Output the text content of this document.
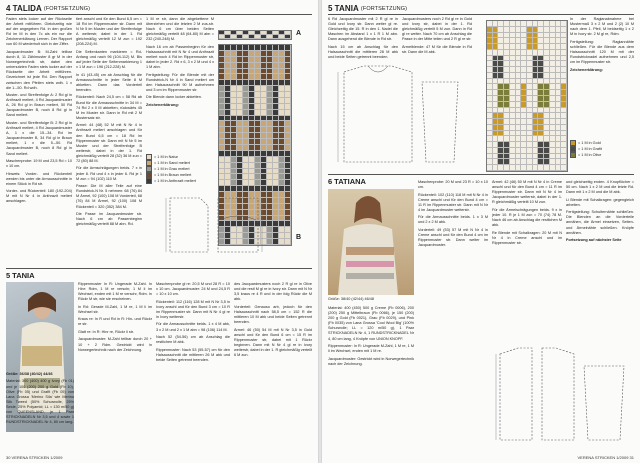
4 TALIDA (FORTSETZUNG)

Faden stets locker auf der Rückseite der Arbeit mitführen. Gleichzeitig wie auf der angegeben Rd. in den großen Rd im M in den 7c als ein nur die Zeichenerklärung Lernen. Der Rapport von 60 M wiederholt sich in der Ziffer.

Jacquardmuster B: M-Zahl teilbar durch 8, 11 Zählmuster 8 gr M in der Norwegertechnik str, dabei den unbenutzten Faden stets locker auf der Rückseite der Arbeit mitführen. Gezeichnet ist jede Rd. Den Rapport zwischen den Pfeilen stets wdh. 1 x die 1.–50. Rd wdh.

Muster- und Streifenfolge A: 2 Rd gl in Anthrazit meliert, 4 Rd Jacquardmuster A, 26 Rd gl in Braun meliert, 50 Rd Jacquardmuster B, noch 8 Rd gl in Sand meliert.

Muster- und Streifenfolge B: 2 Rd gl in Anthrazit meliert, 4 Rd Jacquardmuster A, 1 x die 15.–34. Rd im Jacquardmuster B, 34 Rd gl in Braun meliert, 1 x die 5.–50. Rd Jacquardmuster B, noch 8 Rd gl in Sand meliert.

Maschenprobe: 19 M und 23,5 Rd = 10 x 10 cm.

Hinweis: Vorder- und Rückenteil werden bis unter die Armausschnitte in einem Stück in Rd str.

Vorder- und Rückenteil: 180 (192-204) M mit N Nr 4 in Anthrazit meliert anschlagen.

tiert anschl und für den Bund 6,5 cm = 18 Rd im Rippenmuster str. Dann mit N Nr 5 im Muster und der Streifenfolge A weiterstr, dabei in der 1. Rd gleichmäßig verteilt 12 M zun = 192 (208-224) M.

Die Seitenkanten markieren = Rd-Anfang und nach 96 (104-112) M. Bis auf jeder Seite der Seitenmarkierung 1 x 1 M zun = 196 (212-228) M.

In 41 (43-45) cm ab Anschlag für die Armausschnitte in jeder Seite 8 M abketten. Dann das Vorderteil beenden.

Rückenteil: Nach 24,5 cm = 58 Rd ab Bund für die Armausschnitte in 34 M = 74 Rd 2 x 0 M abketten, rückwärts 45 M im Muster str. Dann in Rd mit 2 M Mustersatz str.

Ärmel: 44 (48) 52 M mit N Nr 4 in Anthrazit meliert anschlagen und für den Bund 6,5 cm = 18 Rd im Rippenmuster str. Dann mit N Nr 5 im Muster und der Streifenfolge B weiterstr, dabei in der 1. Rd gleichmäßig verteilt 28 (32) 36 M zun = 72 (80) 88 M.

Für die Armschrägungen beids. 7 x in jeder 8. Rd und 4 x in jeder 6. Rd je 1 M zun = 94 (102) 110 M.

Passe: Die M aller Teile auf eine Rundstrick-N Nr. 5 nehmen: 68 (76) 84 M Ärmel, 92 (100) 108 M Vorderteil, 68 (76) 84 M Ärmel, 92 (100) 108 M Rückenteil = 320 (352) 384 M.

Die Passe im Jacquardmuster str. Nach 6 cm ab Passenbeginn gleichmäßig verteilt 88 M abn. Rd.

1 M re str, dann die abgekettene M überziehen und die letzten 2 M zus-str. Nach 6 cm über beiden Seiten gleichmäßig verteilt 48 (64-80) M abn = 232 (240-248) M.

Nach 16 cm ab Passenbeginn für den Halsausschnitt mit N Nr 4 und Anthrazit meliert noch 4 Rd im Rippenmuster str, dabei in jeder 2. Rd x 6, 3 x 2 M und 4 x 1 M abn.

Fertigstellung: Für die Blende mit der Rundstrick-N Nr 4 in Sand meliert um den Halsausschnitt 90 M aufnehmen und 3 cm im Rippenmuster str.

Die Blende dann locker abketten.

Zeichenerklärung:

= 1 M in Natur
= 1 M in Sand meliert
= 1 M in Grau meliert
= 1 M in Braun meliert
= 1 M in Anthrazit meliert
A
B
5 TANIA

Größe: 36/38 (40/42) 44/46

Material: 300 (400) 400 g Ivory (Fb 01) und je 100 (200) 200 g Gold (Fb 10), Olive (Fb 05) und Grafit (Fb 05) von Lana Grossa 'Merino Sila' wie Merino Silk Tweed (50% Schurwolle, 25% Seide, 25% Polyamid; LL = 130 m/50 g) von QUEENSLAND, je 1 Paar STRICKNADELN Nr 3,5 und 4 sowie 1 RUNDSTRICKNADEL Nr 4, 80 cm lang.

Rippenmuster In R: Ungerade M-Zahl. In Hinr: Rdm, 1 M re verschr, 1 M li im Wechsel, enden mit 1 M re verschr, Rdm. In Rückr M str, wie sie erscheinen.

In Rd: Gerade M-Zahl, 1 M re, 1 M li im Wechsel str.

Kraus re: In R und Rd in R: Hin- und Rückr re str.

Glatt re: In R: Hinr re, Rückr li str.

Jacquardmuster: M-Zahl teilbar durch 20 + 10 + 2 Rdm. Gestrickt wird in Norwegertechnik nach der Zeichnung.

Maschenprobe gl re: 20,5 M und 28 R = 10 x 10 cm. Jacquardmuster: 24 M und 24,5 R = 10 x 10 cm.

Rückenteil: 112 (116) 128 M mit N Nr 3,5 in Ivory anschl und für den Bund 3 cm = 10 R im Rippenmuster str. Dann mit N Nr 4 gl re in Ivory weiterstr.

Für die Armausschnitte beids. 1 x 4 M abk, 3 x 2 M und 2 x 1 M abn = 98 (106) 114 M.

Nach 52 (54-56) cm ab Anschlag die restlichen M abk.

Rippenmuster: Nach 53 (55-57) cm für den Halsausschnitt die mittleren 26 M abk und beide Seiten getrennt beenden.

des Jacquardmusters noch 2 R gl re in Olive und die restl M gl re in Ivory str. Dann mit N Nr 3,5 kraus re 4 R und in der folg Rückr die M abk.

Vorderteil: Genauso arb, jedoch für den Halsausschnitt nach 58,5 cm = 152 R die mittleren 10 M abk und beide Seiten getrennt beenden.

Ärmel: 46 (50) 54 M mit N Nr 3,5 in Gold anschl und für den Bund 6 cm = 15 R im Rippenmuster str, dabei mit 1 Rückr beginnen. Dann mit N Nr 4 gl re in Ivory weiterstr, dabei in der 1. R gleichmäßig verteilt 6 M zun.

30 VERENA STRICKEN 1/2009
5 TANIA (FORTSETZUNG)

6 Rd Jacquardmuster mit 2 R gl re in Gold und Ivory str. Dann weiter gl re. Gleichzeitig die 15. R in den 1. Nadel die Maschen im Abstand 1 x 1 R 1 M abn. Dann ausgehend die Blende in Rd str.

Nach 15 cm ab Anschlag für den Halsausschnitt die mittleren 28 M abk und beide Seiten getrennt beenden.

Jacquardmusters noch 2 Rd gl re in Gold und Ivory str, dabei in der 1. Rd gleichmäßig verteilt 5 M zun. Dann in Rd gl re weiter. Nach 70 cm ab Anschlag die Passe in der Mitte teilen und 2 R gl re str.

Ärmelblende: 47 M für die Blende in Rd str. Dann die M abk.

In der Raglanabnahme bei Mustermaß 3 x 2 M und 2 (2) 10 M nach dem 1. Pfeil, M beidseitig 1 x 2 M in Ivory str. 2 M gl re, Rdm.

Fertigstellung: Raglannähte schließen. Für die Blende aus dem Halsausschnitt 120 M mit der Rundstricknadel aufnehmen und 2,5 cm im Rippenmuster str.

Zeichenerklärung:

= 1 M in Gold
= 1 M in Grafit
= 1 M in Olive
6 TATIANA
Größe: 38/40 (42/44) 46/48

Material: 400 (450) 500 g Creme (Fb 0006), 200 (200) 250 g Mittelbraun (Fb 0066), je 150 (200) 200 g Gold (Fb 0021), Grau (Fb 0029), und Pink (Fb 0035) von Lana Grossa 'Cool Wool Big' (100% Schurwolle; LL = 120 m/50 g), 1 Paar STRICKNADELN Nr 4, 1 RUNDSTRICKNADEL Nr 4, 80 cm lang, 4 Knöpfe von UNION KNOPF.

Rippenmuster: In R: Ungerade M-Zahl, 1 M re, 1 M li im Wechsel, enden mit 1 M re.

Jacquardmuster: Gestrickt wird in Norwegertechnik nach der Zeichnung.

Maschenprobe: 20 M und 23 R = 10 x 10 cm.

Rückenteil: 102 (110) 118 M mit N Nr 4 in Creme anschl und für den Bund 4 cm = 11 R im Rippenmuster str. Dann mit N Nr 4 im Jacquardmuster weiterstr.

Für die Armausschnitte beids. 1 x 3 M und 2 x 2 M abk.

Vorderteil: 49 (53) 57 M mit N Nr 4 in Creme anschl und für den Bund 4 cm im Rippenmuster str. Dann weiter im Jacquardmuster.

Ärmel: 42 (46) 50 M mit N Nr 4 in Creme anschl und für den Bund 4 cm = 11 R im Rippenmuster str. Dann mit N Nr 4 im Jacquardmuster weiterstr, dabei in der 1. R gleichmäßig verteilt 10 M zun.

Für die Ärmelschrägungen beids. 9 x in jeder 10. R je 1 M zun = 70 (74) 78 M. Nach 46 cm ab Anschlag die restlichen M abk.

Re Blende mit Schalkragen: 20 M mit N Nr 4 in Creme anschl und im Rippenmuster str.

und gleichzeitig enden. 4 Knopflöcher = 50 cm. Nach 1 x 2 M und die letzte Rd. Dann mit 1 x 2 M und die M abk.

Li Blende mit Schalkragen: gegengleich arbeiten.

Fertigstellung: Schulternähte schließen. Die Blenden an die Vorderteile annähen, die Ärmel einsetzen, Seiten- und Ärmelnähte schließen. Knöpfe annähen.

Fortsetzung auf nächster Seite

VERENA STRICKEN 1/2009 31
